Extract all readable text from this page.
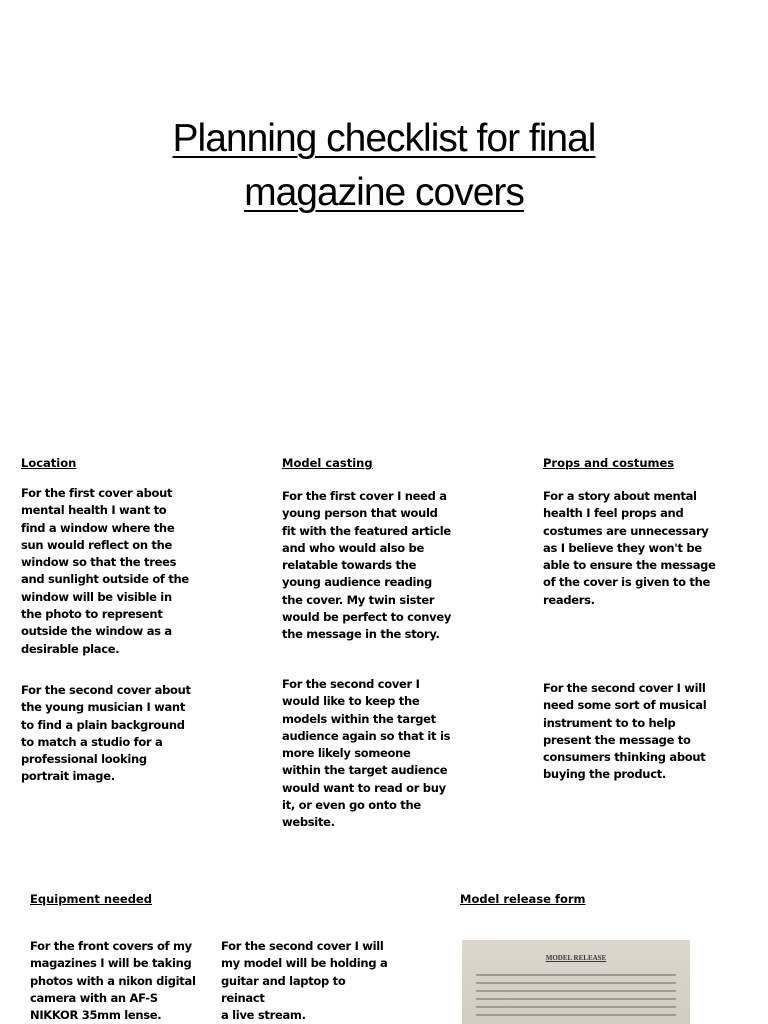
Planning checklist for final
magazine covers
Location

For the first cover about

mental health I want to

find a window where the

sun would reflect on the

window so that the trees

and sunlight outside of the

window will be visible in

the photo to represent

outside the window as a

desirable place.

For the second cover about

the young musician I want

to find a plain background

to match a studio for a

professional looking

portrait image.

Model casting

For the first cover I need a

young person that would

fit with the featured article

and who would also be

relatable towards the

young audience reading

the cover. My twin sister

would be perfect to convey

the message in the story.

For the second cover I

would like to keep the

models within the target

audience again so that it is

more likely someone

within the target audience

would want to read or buy

it, or even go onto the

website.

Props and costumes

For a story about mental

health I feel props and

costumes are unnecessary

as I believe they won't be

able to ensure the message

of the cover is given to the

readers.

For the second cover I will

need some sort of musical

instrument to to help

present the message to

consumers thinking about

buying the product.

Equipment needed

For the front covers of my

magazines I will be taking

photos with a nikon digital

camera with an AF-S

NIKKOR 35mm lense.

For the second cover I will

my model will be holding a

guitar and laptop to reinact

a live stream.

Model release form
MODEL RELEASE
